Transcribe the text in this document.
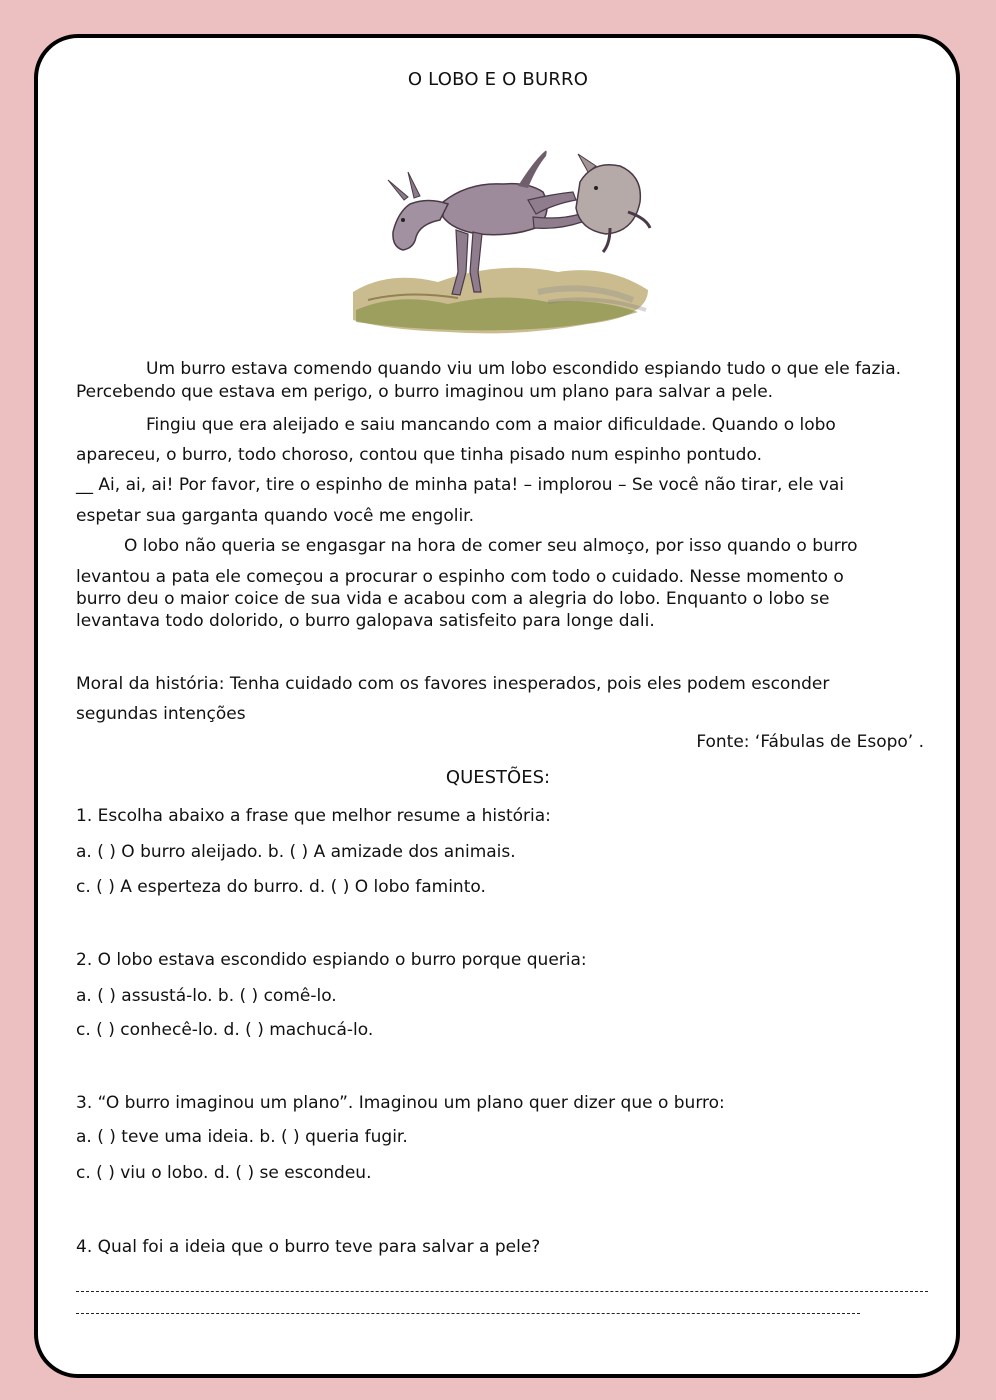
O LOBO E O BURRO
Um burro estava comendo quando viu um lobo escondido espiando tudo o que ele fazia.
Percebendo que estava em perigo, o burro imaginou um plano para salvar a pele.
Fingiu que era aleijado e saiu mancando com a maior dificuldade. Quando o lobo
apareceu, o burro, todo choroso, contou que tinha pisado num espinho pontudo.
__ Ai, ai, ai! Por favor, tire o espinho de minha pata! – implorou – Se você não tirar, ele vai
espetar sua garganta quando você me engolir.
O lobo não queria se engasgar na hora de comer seu almoço, por isso quando o burro
levantou a pata ele começou a procurar o espinho com todo o cuidado. Nesse momento o
burro deu o maior coice de sua vida e acabou com a alegria do lobo. Enquanto o lobo se
levantava todo dolorido, o burro galopava satisfeito para longe dali.
Moral da história: Tenha cuidado com os favores inesperados, pois eles podem esconder
segundas intenções
Fonte: ‘Fábulas de Esopo’ .
QUESTÕES:
1. Escolha abaixo a frase que melhor resume a história:
a. ( ) O burro aleijado. b. ( ) A amizade dos animais.
c. ( ) A esperteza do burro. d. ( ) O lobo faminto.
2. O lobo estava escondido espiando o burro porque queria:
a. ( ) assustá-lo. b. ( ) comê-lo.
c. ( ) conhecê-lo. d. ( ) machucá-lo.
3. “O burro imaginou um plano”. Imaginou um plano quer dizer que o burro:
a. ( ) teve uma ideia. b. ( ) queria fugir.
c. ( ) viu o lobo. d. ( ) se escondeu.
4. Qual foi a ideia que o burro teve para salvar a pele?
